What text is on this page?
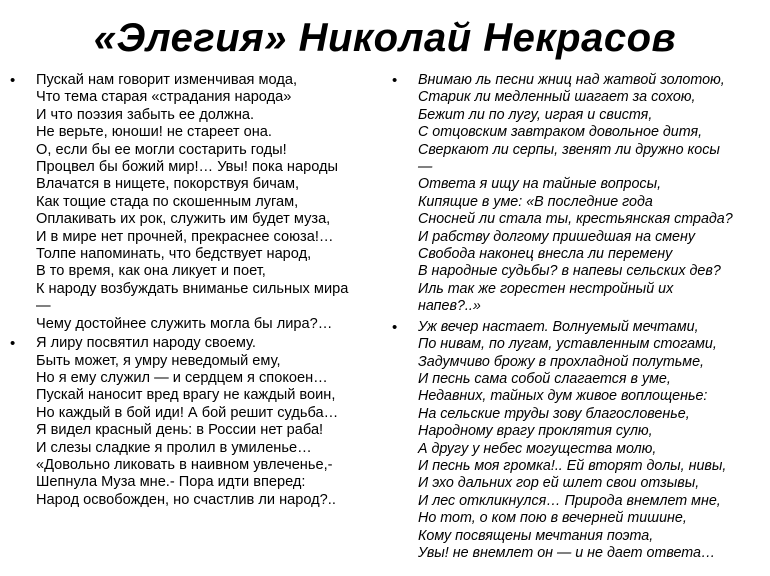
«Элегия» Николай Некрасов
•	Пускай нам говорит изменчивая мода,
Что тема старая «страдания народа»
И что поэзия забыть ее должна.
Не верьте, юноши! не стареет она.
О, если бы ее могли состарить годы!
Процвел бы божий мир!… Увы! пока народы
Влачатся в нищете, покорствуя бичам,
Как тощие стада по скошенным лугам,
Оплакивать их рок, служить им будет муза,
И в мире нет прочней, прекраснее союза!…
Толпе напоминать, что бедствует народ,
В то время, как она ликует и поет,
К народу возбуждать вниманье сильных мира
—
Чему достойнее служить могла бы лира?…
•	Я лиру посвятил народу своему.
Быть может, я умру неведомый ему,
Но я ему служил — и сердцем я спокоен…
Пускай наносит вред врагу не каждый воин,
Но каждый в бой иди! А бой решит судьба…
Я видел красный день: в России нет раба!
И слезы сладкие я пролил в умиленье…
«Довольно ликовать в наивном увлеченье,-
Шепнула Муза мне.- Пора идти вперед:
Народ освобожден, но счастлив ли народ?..
•	Внимаю ль песни жниц над жатвой золотою,
Старик ли медленный шагает за сохою,
Бежит ли по лугу, играя и свистя,
С отцовским завтраком довольное дитя,
Сверкают ли серпы, звенят ли дружно косы
—
Ответа я ищу на тайные вопросы,
Кипящие в уме: «В последние года
Сносней ли стала ты, крестьянская страда?
И рабству долгому пришедшая на смену
Свобода наконец внесла ли перемену
В народные судьбы? в напевы сельских дев?
Иль так же горестен нестройный их
напев?..»
•	Уж вечер настает. Волнуемый мечтами,
По нивам, по лугам, уставленным стогами,
Задумчиво брожу в прохладной полутьме,
И песнь сама собой слагается в уме,
Недавних, тайных дум живое воплощенье:
На сельские труды зову благословенье,
Народному врагу проклятия сулю,
А другу у небес могущества молю,
И песнь моя громка!.. Ей вторят долы, нивы,
И эхо дальних гор ей шлет свои отзывы,
И лес откликнулся… Природа внемлет мне,
Но тот, о ком пою в вечерней тишине,
Кому посвящены мечтания поэта,
Увы! не внемлет он — и не дает ответа…
